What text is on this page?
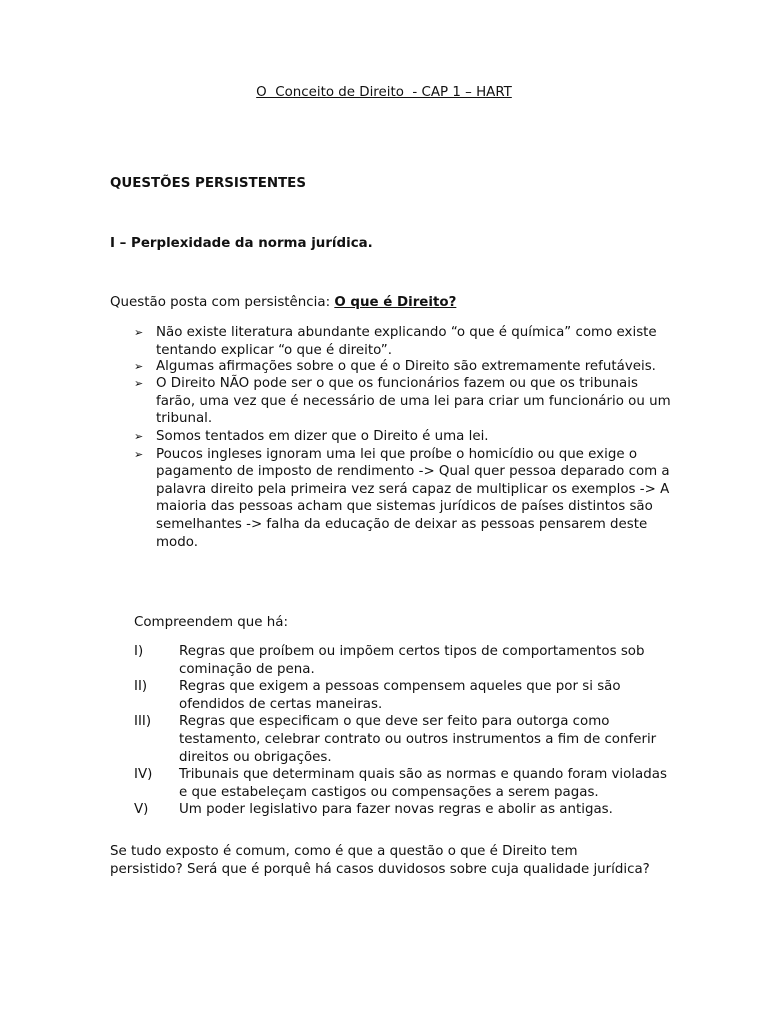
O  Conceito de Direito  - CAP 1 – HART
QUESTÕES PERSISTENTES
I – Perplexidade da norma jurídica.
Questão posta com persistência: O que é Direito?
➢ Não existe literatura abundante explicando “o que é química” como existe tentando explicar “o que é direito”.
➢ Algumas afirmações sobre o que é o Direito são extremamente refutáveis.
➢ O Direito NÃO pode ser o que os funcionários fazem ou que os tribunais farão, uma vez que é necessário de uma lei para criar um funcionário ou um tribunal.
➢ Somos tentados em dizer que o Direito é uma lei.
➢ Poucos ingleses ignoram uma lei que proíbe o homicídio ou que exige o pagamento de imposto de rendimento -> Qual quer pessoa deparado com a palavra direito pela primeira vez será capaz de multiplicar os exemplos -> A maioria das pessoas acham que sistemas jurídicos de países distintos são semelhantes -> falha da educação de deixar as pessoas pensarem deste modo.
Compreendem que há:
I)	Regras que proíbem ou impõem certos tipos de comportamentos sob cominação de pena.
II) Regras que exigem a pessoas compensem aqueles que por si são ofendidos de certas maneiras.
III) Regras que especificam o que deve ser feito para outorga como testamento, celebrar contrato ou outros instrumentos a fim de conferir direitos ou obrigações.
IV) Tribunais que determinam quais são as normas e quando foram violadas e que estabeleçam castigos ou compensações a serem pagas.
V) Um poder legislativo para fazer novas regras e abolir as antigas.
Se tudo exposto é comum, como é que a questão o que é Direito tem persistido? Será que é porquê há casos duvidosos sobre cuja qualidade jurídica?
